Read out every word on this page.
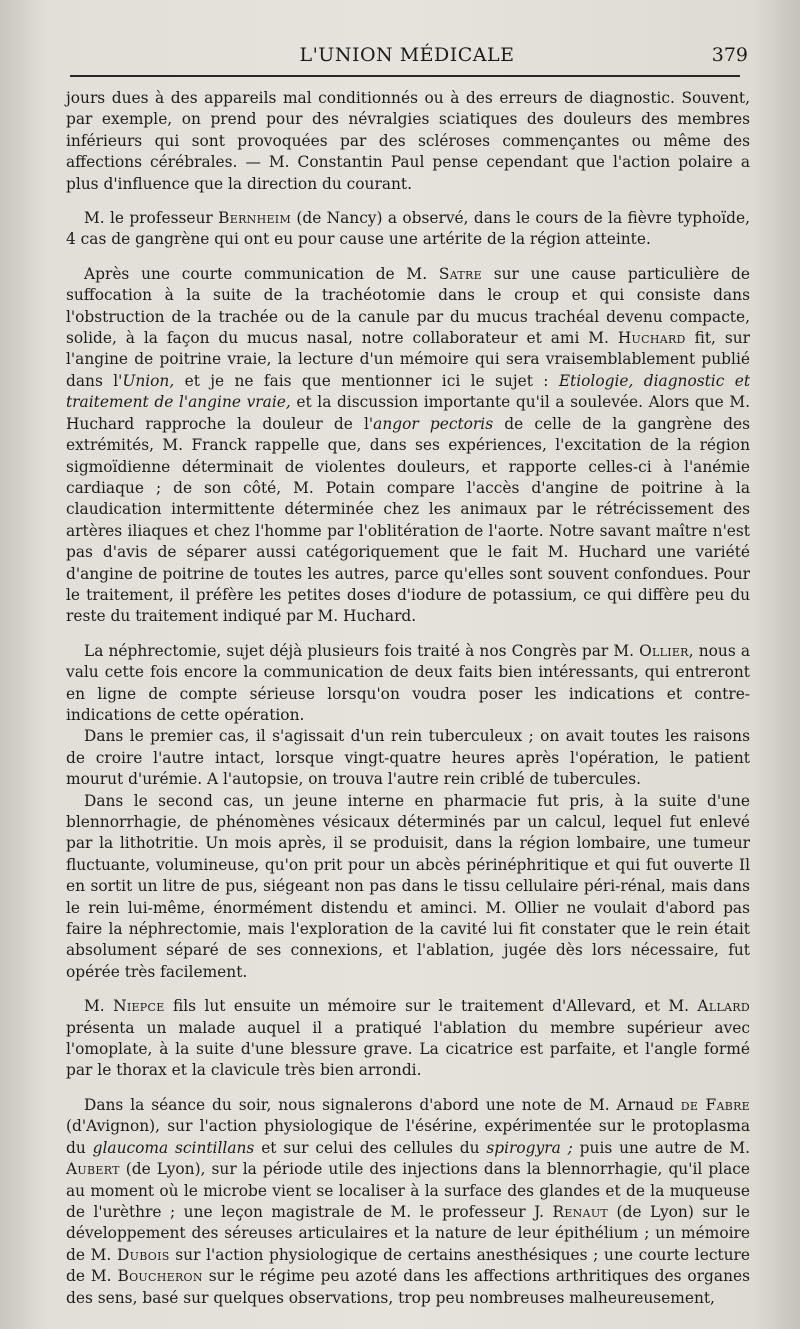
L'UNION MÉDICALE	379

jours dues à des appareils mal conditionnés ou à des erreurs de diagnostic. Souvent, par exemple, on prend pour des névralgies sciatiques des douleurs des membres inférieurs qui sont provoquées par des scléroses commençantes ou même des affections cérébrales. — M. Constantin Paul pense cependant que l'action polaire a plus d'influence que la direction du courant.

M. le professeur Bernheim (de Nancy) a observé, dans le cours de la fièvre typhoïde, 4 cas de gangrène qui ont eu pour cause une artérite de la région atteinte.

Après une courte communication de M. Satre sur une cause particulière de suffocation à la suite de la trachéotomie dans le croup et qui consiste dans l'obstruction de la trachée ou de la canule par du mucus trachéal devenu compacte, solide, à la façon du mucus nasal, notre collaborateur et ami M. Huchard fit, sur l'angine de poitrine vraie, la lecture d'un mémoire qui sera vraisemblablement publié dans l'Union, et je ne fais que mentionner ici le sujet : Etiologie, diagnostic et traitement de l'angine vraie, et la discussion importante qu'il a soulevée. Alors que M. Huchard rapproche la douleur de l'angor pectoris de celle de la gangrène des extrémités, M. Franck rappelle que, dans ses expériences, l'excitation de la région sigmoïdienne déterminait de violentes douleurs, et rapporte celles-ci à l'anémie cardiaque ; de son côté, M. Potain compare l'accès d'angine de poitrine à la claudication intermittente déterminée chez les animaux par le rétrécissement des artères iliaques et chez l'homme par l'oblitération de l'aorte. Notre savant maître n'est pas d'avis de séparer aussi catégoriquement que le fait M. Huchard une variété d'angine de poitrine de toutes les autres, parce qu'elles sont souvent confondues. Pour le traitement, il préfère les petites doses d'iodure de potassium, ce qui diffère peu du reste du traitement indiqué par M. Huchard.

La néphrectomie, sujet déjà plusieurs fois traité à nos Congrès par M. Ollier, nous a valu cette fois encore la communication de deux faits bien intéressants, qui entreront en ligne de compte sérieuse lorsqu'on voudra poser les indications et contre-indications de cette opération.

Dans le premier cas, il s'agissait d'un rein tuberculeux ; on avait toutes les raisons de croire l'autre intact, lorsque vingt-quatre heures après l'opération, le patient mourut d'urémie. A l'autopsie, on trouva l'autre rein criblé de tubercules.

Dans le second cas, un jeune interne en pharmacie fut pris, à la suite d'une blennorrhagie, de phénomènes vésicaux déterminés par un calcul, lequel fut enlevé par la lithotritie. Un mois après, il se produisit, dans la région lombaire, une tumeur fluctuante, volumineuse, qu'on prit pour un abcès périnéphritique et qui fut ouverte Il en sortit un litre de pus, siégeant non pas dans le tissu cellulaire péri-rénal, mais dans le rein lui-même, énormément distendu et aminci. M. Ollier ne voulait d'abord pas faire la néphrectomie, mais l'exploration de la cavité lui fit constater que le rein était absolument séparé de ses connexions, et l'ablation, jugée dès lors nécessaire, fut opérée très facilement.

M. Niepce fils lut ensuite un mémoire sur le traitement d'Allevard, et M. Allard présenta un malade auquel il a pratiqué l'ablation du membre supérieur avec l'omoplate, à la suite d'une blessure grave. La cicatrice est parfaite, et l'angle formé par le thorax et la clavicule très bien arrondi.

Dans la séance du soir, nous signalerons d'abord une note de M. Arnaud de Fabre (d'Avignon), sur l'action physiologique de l'ésérine, expérimentée sur le protoplasma du glaucoma scintillans et sur celui des cellules du spirogyra ; puis une autre de M. Aubert (de Lyon), sur la période utile des injections dans la blennorrhagie, qu'il place au moment où le microbe vient se localiser à la surface des glandes et de la muqueuse de l'urèthre ; une leçon magistrale de M. le professeur J. Renaut (de Lyon) sur le développement des séreuses articulaires et la nature de leur épithélium ; un mémoire de M. Dubois sur l'action physiologique de certains anesthésiques ; une courte lecture de M. Boucheron sur le régime peu azoté dans les affections arthritiques des organes des sens, basé sur quelques observations, trop peu nombreuses malheureusement,
